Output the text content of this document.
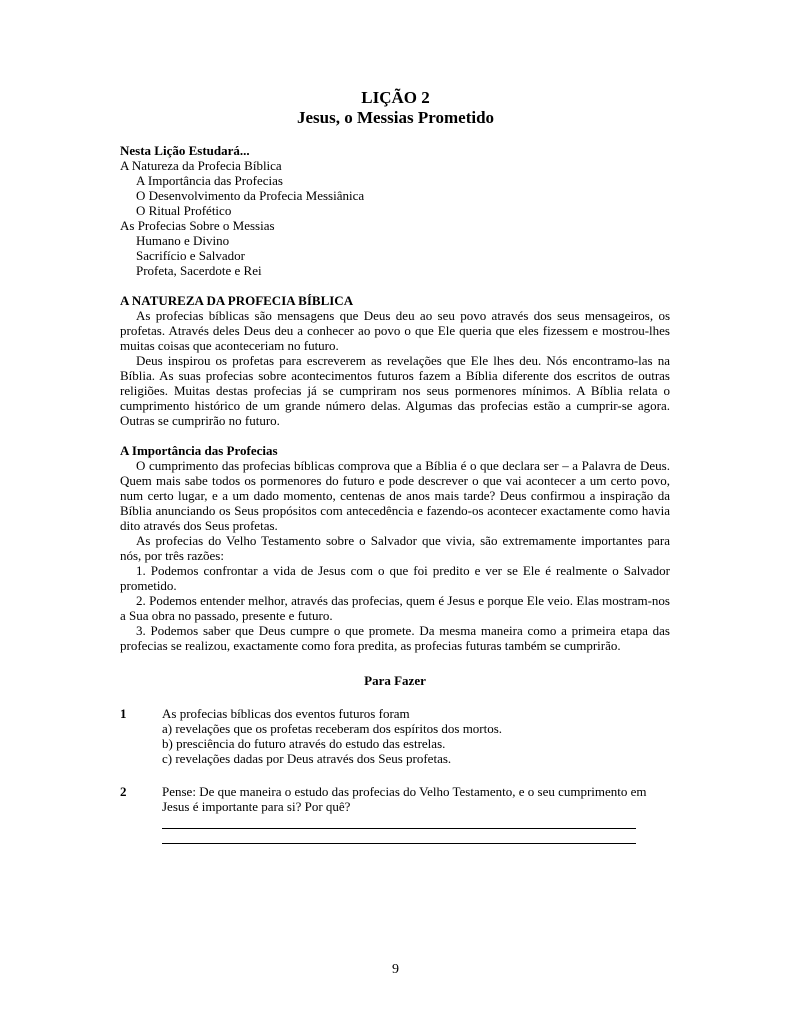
LIÇÃO 2
Jesus, o Messias Prometido
Nesta Lição Estudará...
A Natureza da Profecia Bíblica
A Importância das Profecias
O Desenvolvimento da Profecia Messiânica
O Ritual Profético
As Profecias Sobre o Messias
Humano e Divino
Sacrifício e Salvador
Profeta, Sacerdote e Rei
A NATUREZA DA PROFECIA BÍBLICA

As profecias bíblicas são mensagens que Deus deu ao seu povo através dos seus mensageiros, os profetas. Através deles Deus deu a conhecer ao povo o que Ele queria que eles fizessem e mostrou-lhes muitas coisas que aconteceriam no futuro.

Deus inspirou os profetas para escreverem as revelações que Ele lhes deu. Nós encontramo-las na Bíblia. As suas profecias sobre acontecimentos futuros fazem a Bíblia diferente dos escritos de outras religiões. Muitas destas profecias já se cumpriram nos seus pormenores mínimos. A Bíblia relata o cumprimento histórico de um grande número delas. Algumas das profecias estão a cumprir-se agora. Outras se cumprirão no futuro.

A Importância das Profecias

O cumprimento das profecias bíblicas comprova que a Bíblia é o que declara ser – a Palavra de Deus. Quem mais sabe todos os pormenores do futuro e pode descrever o que vai acontecer a um certo povo, num certo lugar, e a um dado momento, centenas de anos mais tarde? Deus confirmou a inspiração da Bíblia anunciando os Seus propósitos com antecedência e fazendo-os acontecer exactamente como havia dito através dos Seus profetas.

As profecias do Velho Testamento sobre o Salvador que vivia, são extremamente importantes para nós, por três razões:

1. Podemos confrontar a vida de Jesus com o que foi predito e ver se Ele é realmente o Salvador prometido.

2. Podemos entender melhor, através das profecias, quem é Jesus e porque Ele veio. Elas mostram-nos a Sua obra no passado, presente e futuro.

3. Podemos saber que Deus cumpre o que promete. Da mesma maneira como a primeira etapa das profecias se realizou, exactamente como fora predita, as profecias futuras também se cumprirão.

Para Fazer
1	As profecias bíblicas dos eventos futuros foram
a) revelações que os profetas receberam dos espíritos dos mortos.
b) presciência do futuro através do estudo das estrelas.
c) revelações dadas por Deus através dos Seus profetas.
2	Pense: De que maneira o estudo das profecias do Velho Testamento, e o seu cumprimento em Jesus é importante para si? Por quê?
9
